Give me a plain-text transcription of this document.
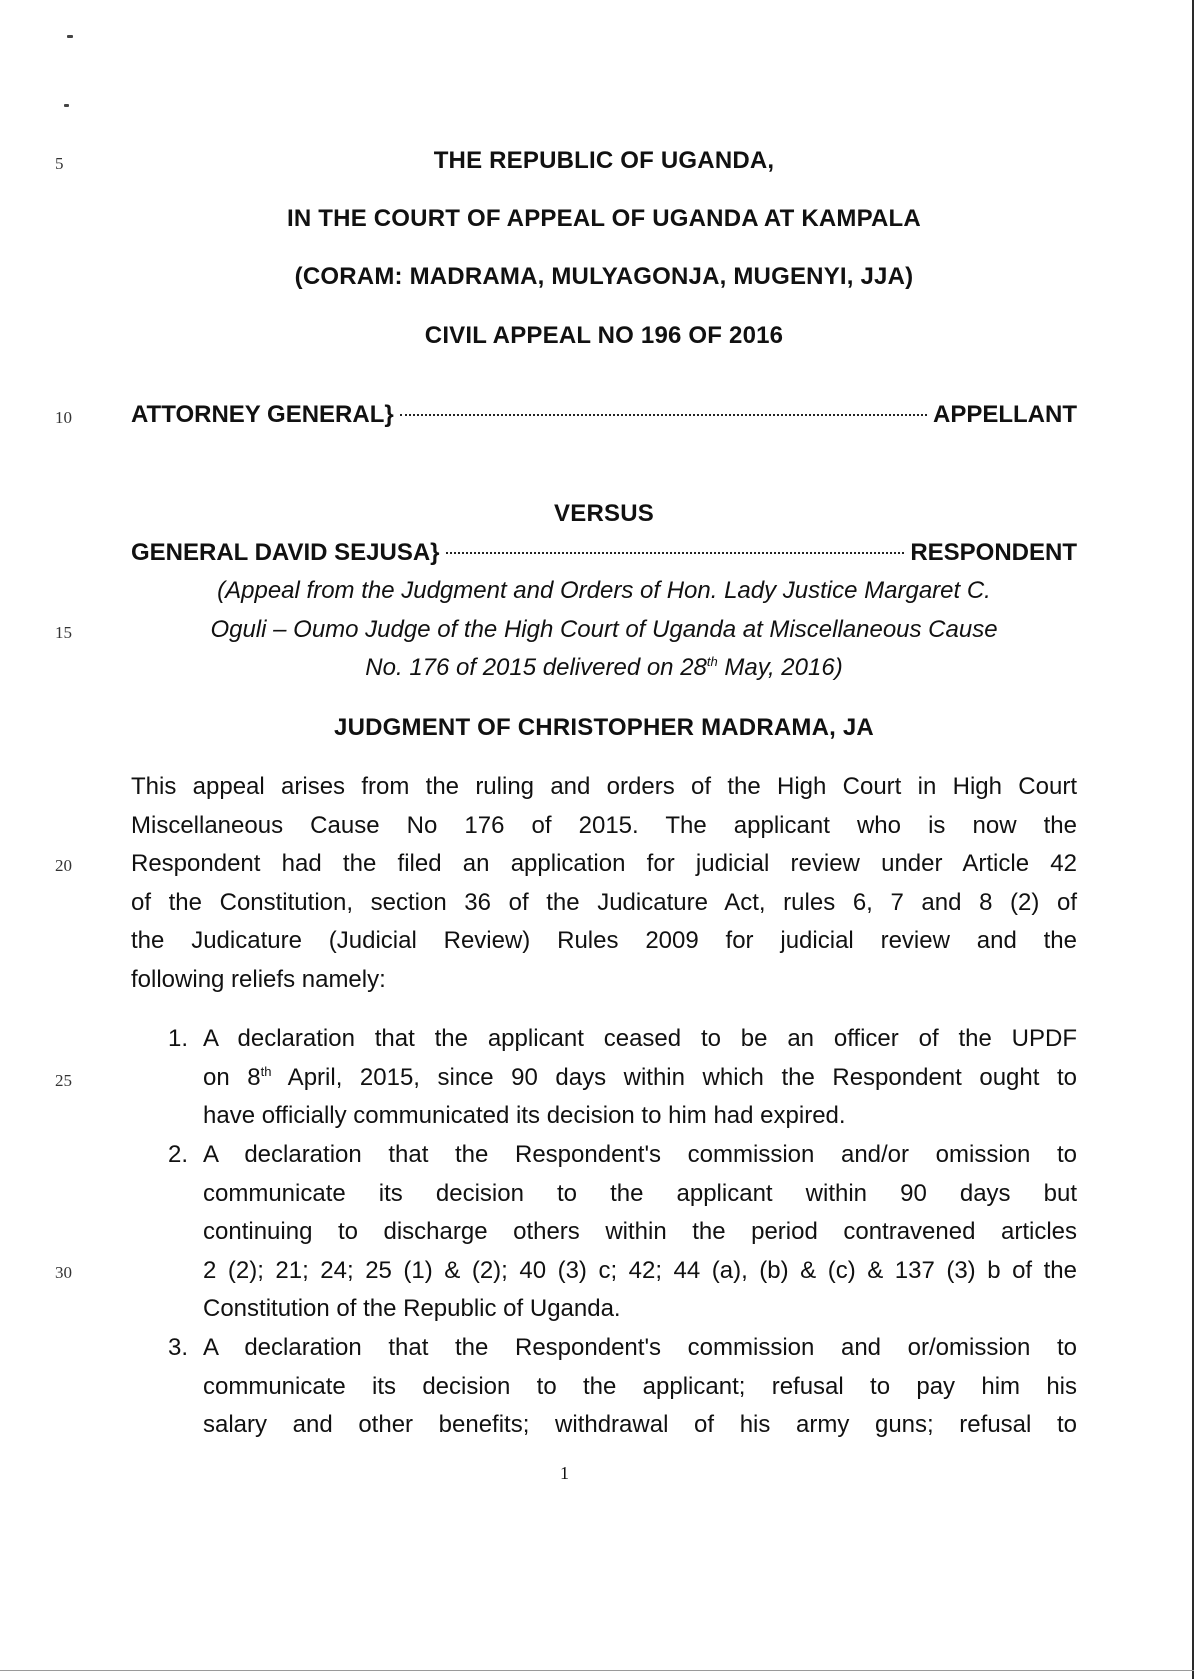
5
10
15
20
25
30
THE REPUBLIC OF UGANDA,
IN THE COURT OF APPEAL OF UGANDA AT KAMPALA
(CORAM: MADRAMA, MULYAGONJA, MUGENYI, JJA)
CIVIL APPEAL NO 196 OF 2016
ATTORNEY GENERAL}	APPELLANT
VERSUS
GENERAL DAVID SEJUSA}	RESPONDENT
(Appeal from the Judgment and Orders of Hon. Lady Justice Margaret C.
Oguli – Oumo Judge of the High Court of Uganda at Miscellaneous Cause
No. 176 of 2015 delivered on 28th May, 2016)
JUDGMENT OF CHRISTOPHER MADRAMA, JA
This appeal arises from the ruling and orders of the High Court in High Court
Miscellaneous Cause No 176 of 2015. The applicant who is now the
Respondent had the filed an application for judicial review under Article 42
of the Constitution, section 36 of the Judicature Act, rules 6, 7 and 8 (2) of
the Judicature (Judicial Review) Rules 2009 for judicial review and the
following reliefs namely:
1. A declaration that the applicant ceased to be an officer of the UPDF
on 8th April, 2015, since 90 days within which the Respondent ought to
have officially communicated its decision to him had expired.
2. A declaration that the Respondent's commission and/or omission to
communicate its decision to the applicant within 90 days but
continuing to discharge others within the period contravened articles
2 (2); 21; 24; 25 (1) & (2); 40 (3) c; 42; 44 (a), (b) & (c) & 137 (3) b of the
Constitution of the Republic of Uganda.
3. A declaration that the Respondent's commission and or/omission to
communicate its decision to the applicant; refusal to pay him his
salary and other benefits; withdrawal of his army guns; refusal to
1
